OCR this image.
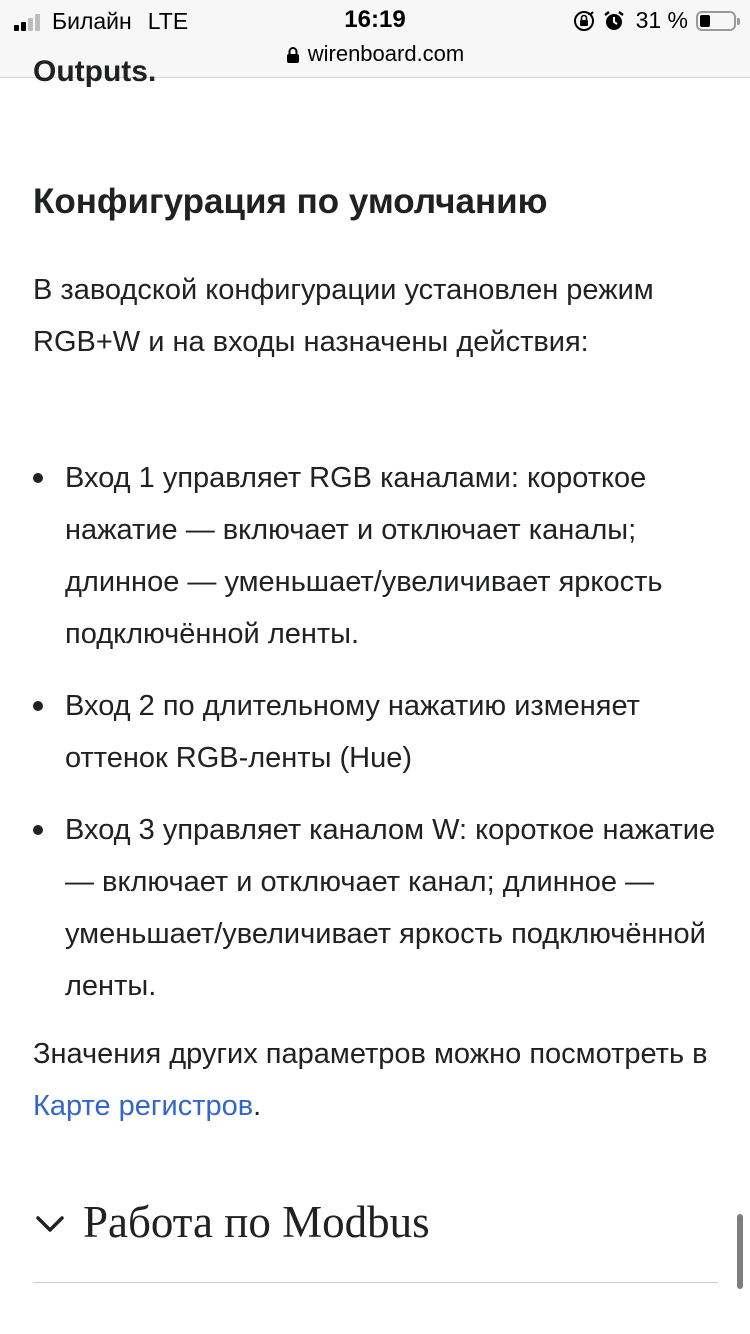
Билайн LTE	16:19	31 %
wirenboard.com
Outputs.
Конфигурация по умолчанию

В заводской конфигурации установлен режим RGB+W и на входы назначены действия:

Вход 1 управляет RGB каналами: короткое нажатие — включает и отключает каналы; длинное — уменьшает/увеличивает яркость подключённой ленты.
Вход 2 по длительному нажатию изменяет оттенок RGB-ленты (Hue)
Вход 3 управляет каналом W: короткое нажатие — включает и отключает канал; длинное — уменьшает/увеличивает яркость подключённой ленты.

Значения других параметров можно посмотреть в Карте регистров.

Работа по Modbus
